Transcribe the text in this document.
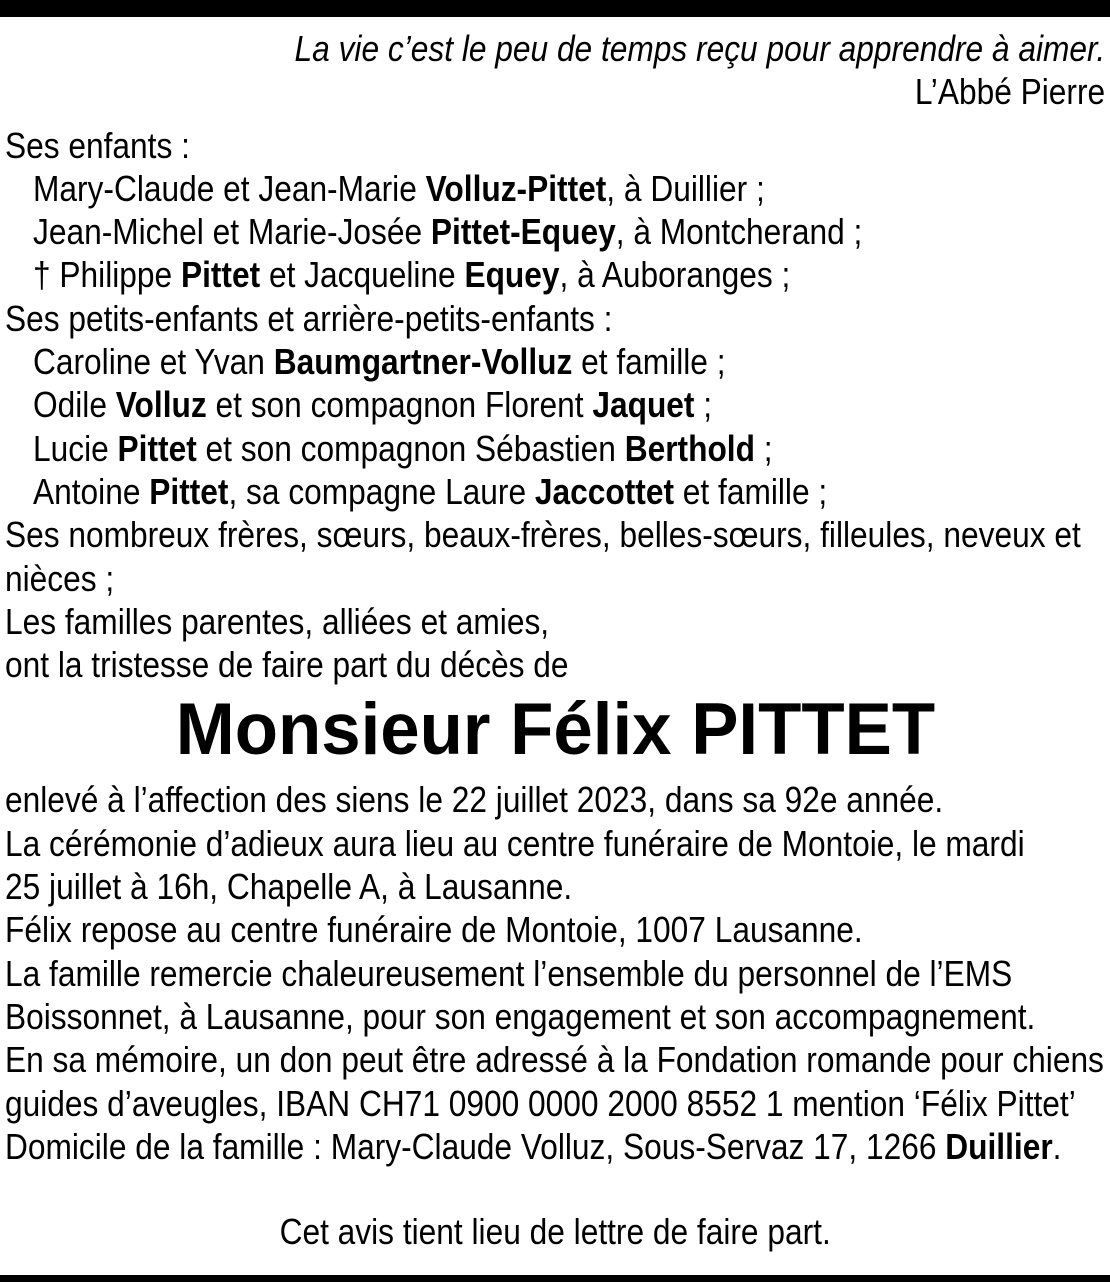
La vie c’est le peu de temps reçu pour apprendre à aimer.
L’Abbé Pierre
Ses enfants :
Mary-Claude et Jean-Marie Volluz-Pittet, à Duillier ;
Jean-Michel et Marie-Josée Pittet-Equey, à Montcherand ;
† Philippe Pittet et Jacqueline Equey, à Auboranges ;
Ses petits-enfants et arrière-petits-enfants :
Caroline et Yvan Baumgartner-Volluz et famille ;
Odile Volluz et son compagnon Florent Jaquet ;
Lucie Pittet et son compagnon Sébastien Berthold ;
Antoine Pittet, sa compagne Laure Jaccottet et famille ;
Ses nombreux frères, sœurs, beaux-frères, belles-sœurs, filleules, neveux et
nièces ;
Les familles parentes, alliées et amies,
ont la tristesse de faire part du décès de
Monsieur Félix PITTET
enlevé à l’affection des siens le 22 juillet 2023, dans sa 92e année.
La cérémonie d’adieux aura lieu au centre funéraire de Montoie, le mardi
25 juillet à 16h, Chapelle A, à Lausanne.
Félix repose au centre funéraire de Montoie, 1007 Lausanne.
La famille remercie chaleureusement l’ensemble du personnel de l’EMS
Boissonnet, à Lausanne, pour son engagement et son accompagnement.
En sa mémoire, un don peut être adressé à la Fondation romande pour chiens
guides d’aveugles, IBAN CH71 0900 0000 2000 8552 1 mention ‘Félix Pittet’
Domicile de la famille : Mary-Claude Volluz, Sous-Servaz 17, 1266 Duillier.
Cet avis tient lieu de lettre de faire part.
